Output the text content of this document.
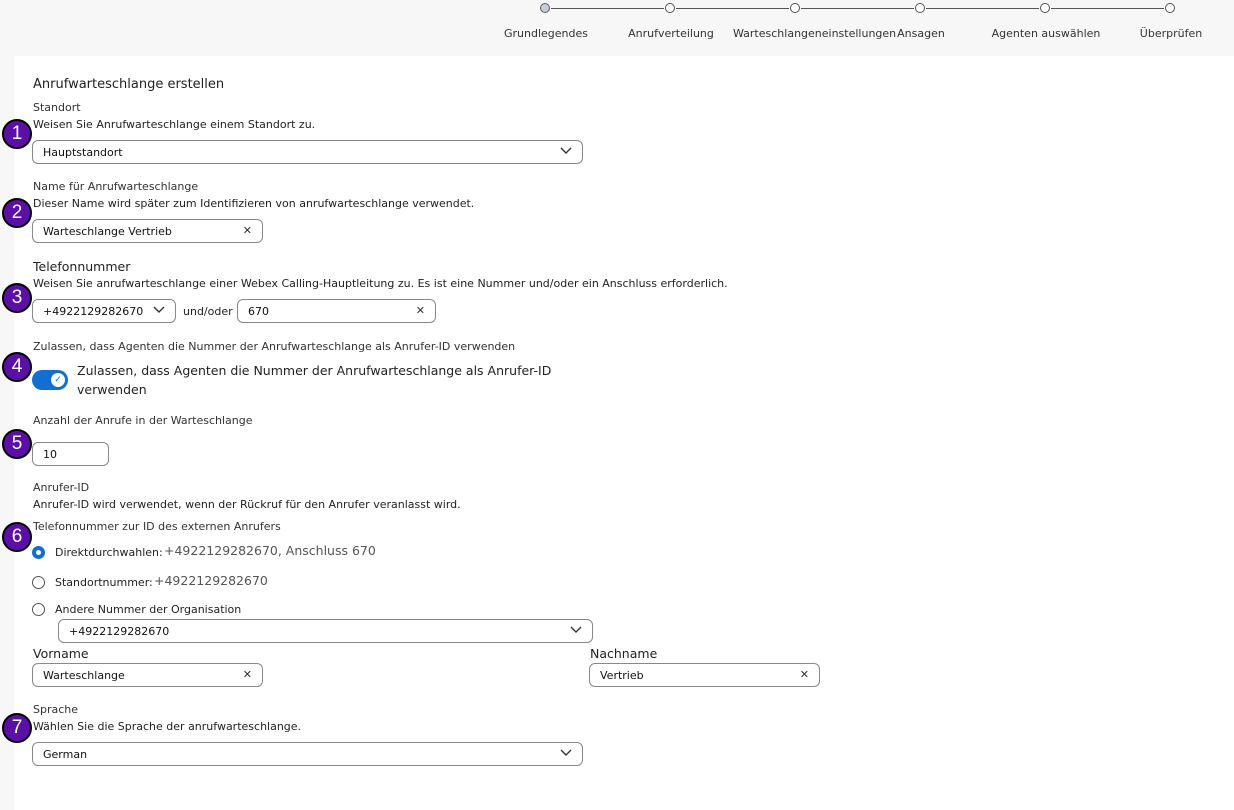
Grundlegendes	Anrufverteilung Warteschlangeneinstellungen Ansagen	Agenten auswählen	Überprüfen
Anrufwarteschlange erstellen
Standort
Weisen Sie Anrufwarteschlange einem Standort zu.
Hauptstandort
Name für Anrufwarteschlange
Dieser Name wird später zum Identifizieren von anrufwarteschlange verwendet.
Warteschlange Vertrieb	✕
Telefonnummer
Weisen Sie anrufwarteschlange einer Webex Calling-Hauptleitung zu. Es ist eine Nummer und/oder ein Anschluss erforderlich.
+4922129282670	und/oder 670	✕
Zulassen, dass Agenten die Nummer der Anrufwarteschlange als Anrufer-ID verwenden
✓
Zulassen, dass Agenten die Nummer der Anrufwarteschlange als Anrufer-ID
verwenden
Anzahl der Anrufe in der Warteschlange
10
Anrufer-ID
Anrufer-ID wird verwendet, wenn der Rückruf für den Anrufer veranlasst wird.
Telefonnummer zur ID des externen Anrufers
Direktdurchwahlen: +4922129282670, Anschluss 670
Standortnummer: +4922129282670
Andere Nummer der Organisation
+4922129282670
Vorname
Warteschlange	✕
Nachname
Vertrieb	✕
Sprache
Wählen Sie die Sprache der anrufwarteschlange.
German
1
2
3
4
5
6
7
